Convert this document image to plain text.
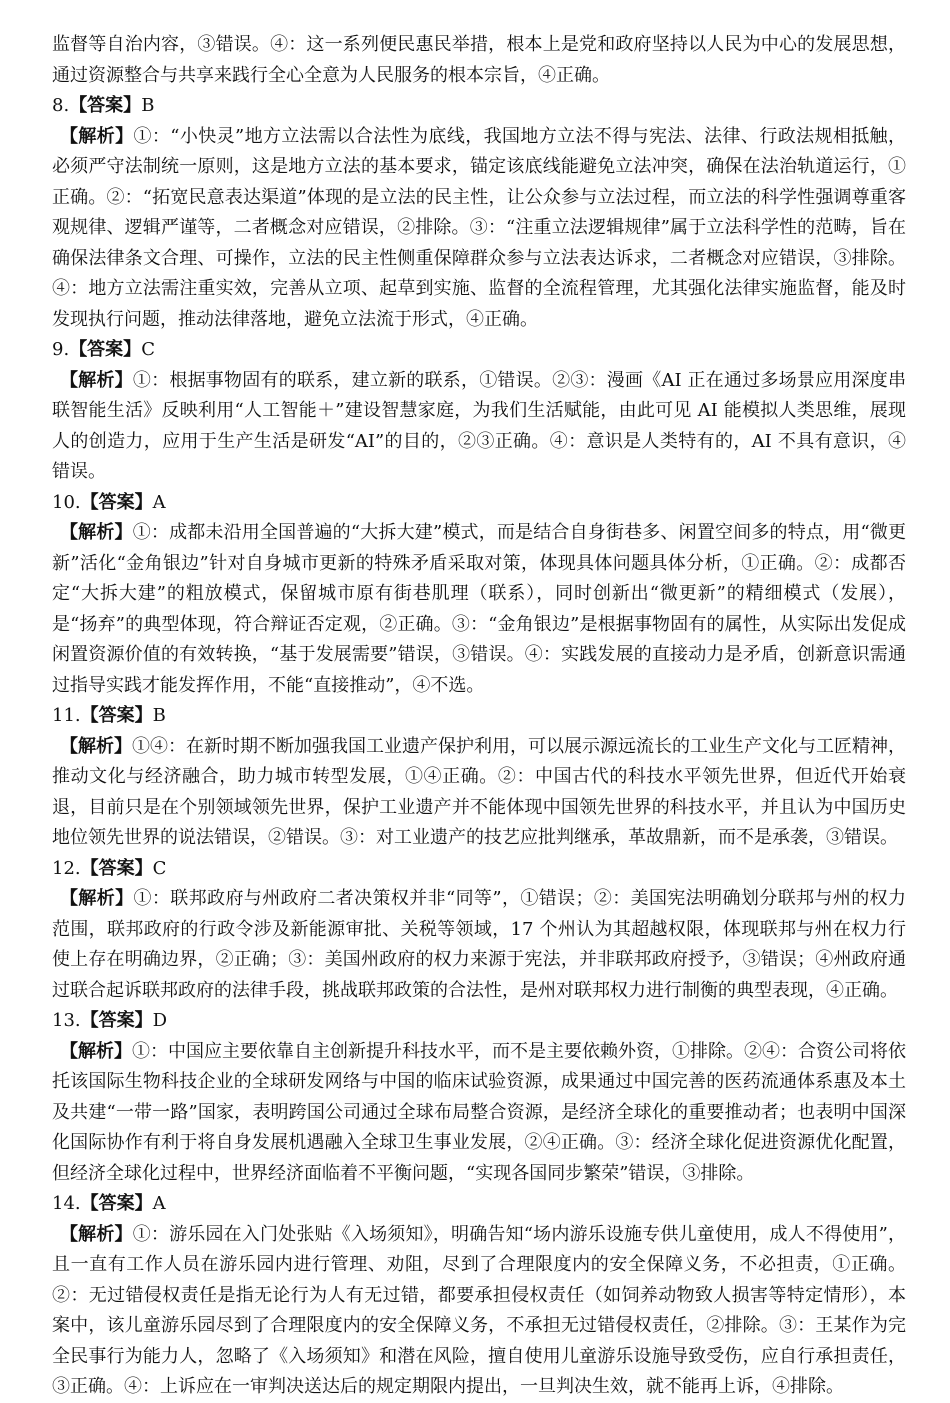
监督等自治内容，③错误。④：这一系列便民惠民举措，根本上是党和政府坚持以人民为中心的发展思想，通过资源整合与共享来践行全心全意为人民服务的根本宗旨，④正确。

8.【答案】B

【解析】①：“小快灵”地方立法需以合法性为底线，我国地方立法不得与宪法、法律、行政法规相抵触，必须严守法制统一原则，这是地方立法的基本要求，锚定该底线能避免立法冲突，确保在法治轨道运行，①正确。②：“拓宽民意表达渠道”体现的是立法的民主性，让公众参与立法过程，而立法的科学性强调尊重客观规律、逻辑严谨等，二者概念对应错误，②排除。③：“注重立法逻辑规律”属于立法科学性的范畴，旨在确保法律条文合理、可操作，立法的民主性侧重保障群众参与立法表达诉求，二者概念对应错误，③排除。④：地方立法需注重实效，完善从立项、起草到实施、监督的全流程管理，尤其强化法律实施监督，能及时发现执行问题，推动法律落地，避免立法流于形式，④正确。

9.【答案】C

【解析】①：根据事物固有的联系，建立新的联系，①错误。②③：漫画《AI 正在通过多场景应用深度串联智能生活》反映利用“人工智能＋”建设智慧家庭，为我们生活赋能，由此可见 AI 能模拟人类思维，展现人的创造力，应用于生产生活是研发“AI”的目的，②③正确。④：意识是人类特有的，AI 不具有意识，④错误。

10.【答案】A

【解析】①：成都未沿用全国普遍的“大拆大建”模式，而是结合自身街巷多、闲置空间多的特点，用“微更新”活化“金角银边”针对自身城市更新的特殊矛盾采取对策，体现具体问题具体分析，①正确。②：成都否定“大拆大建”的粗放模式，保留城市原有街巷肌理（联系），同时创新出“微更新”的精细模式（发展），是“扬弃”的典型体现，符合辩证否定观，②正确。③：“金角银边”是根据事物固有的属性，从实际出发促成闲置资源价值的有效转换，“基于发展需要”错误，③错误。④：实践发展的直接动力是矛盾，创新意识需通过指导实践才能发挥作用，不能“直接推动”，④不选。

11.【答案】B

【解析】①④：在新时期不断加强我国工业遗产保护利用，可以展示源远流长的工业生产文化与工匠精神，推动文化与经济融合，助力城市转型发展，①④正确。②：中国古代的科技水平领先世界，但近代开始衰退，目前只是在个别领域领先世界，保护工业遗产并不能体现中国领先世界的科技水平，并且认为中国历史地位领先世界的说法错误，②错误。③：对工业遗产的技艺应批判继承，革故鼎新，而不是承袭，③错误。

12.【答案】C

【解析】①：联邦政府与州政府二者决策权并非“同等”，①错误；②：美国宪法明确划分联邦与州的权力范围，联邦政府的行政令涉及新能源审批、关税等领域，17 个州认为其超越权限，体现联邦与州在权力行使上存在明确边界，②正确；③：美国州政府的权力来源于宪法，并非联邦政府授予，③错误；④州政府通过联合起诉联邦政府的法律手段，挑战联邦政策的合法性，是州对联邦权力进行制衡的典型表现，④正确。

13.【答案】D

【解析】①：中国应主要依靠自主创新提升科技水平，而不是主要依赖外资，①排除。②④：合资公司将依托该国际生物科技企业的全球研发网络与中国的临床试验资源，成果通过中国完善的医药流通体系惠及本土及共建“一带一路”国家，表明跨国公司通过全球布局整合资源，是经济全球化的重要推动者；也表明中国深化国际协作有利于将自身发展机遇融入全球卫生事业发展，②④正确。③：经济全球化促进资源优化配置，但经济全球化过程中，世界经济面临着不平衡问题，“实现各国同步繁荣”错误，③排除。

14.【答案】A

【解析】①：游乐园在入门处张贴《入场须知》，明确告知“场内游乐设施专供儿童使用，成人不得使用”，且一直有工作人员在游乐园内进行管理、劝阻，尽到了合理限度内的安全保障义务，不必担责，①正确。②：无过错侵权责任是指无论行为人有无过错，都要承担侵权责任（如饲养动物致人损害等特定情形），本案中，该儿童游乐园尽到了合理限度内的安全保障义务，不承担无过错侵权责任，②排除。③：王某作为完全民事行为能力人，忽略了《入场须知》和潜在风险，擅自使用儿童游乐设施导致受伤，应自行承担责任，③正确。④：上诉应在一审判决送达后的规定期限内提出，一旦判决生效，就不能再上诉，④排除。
